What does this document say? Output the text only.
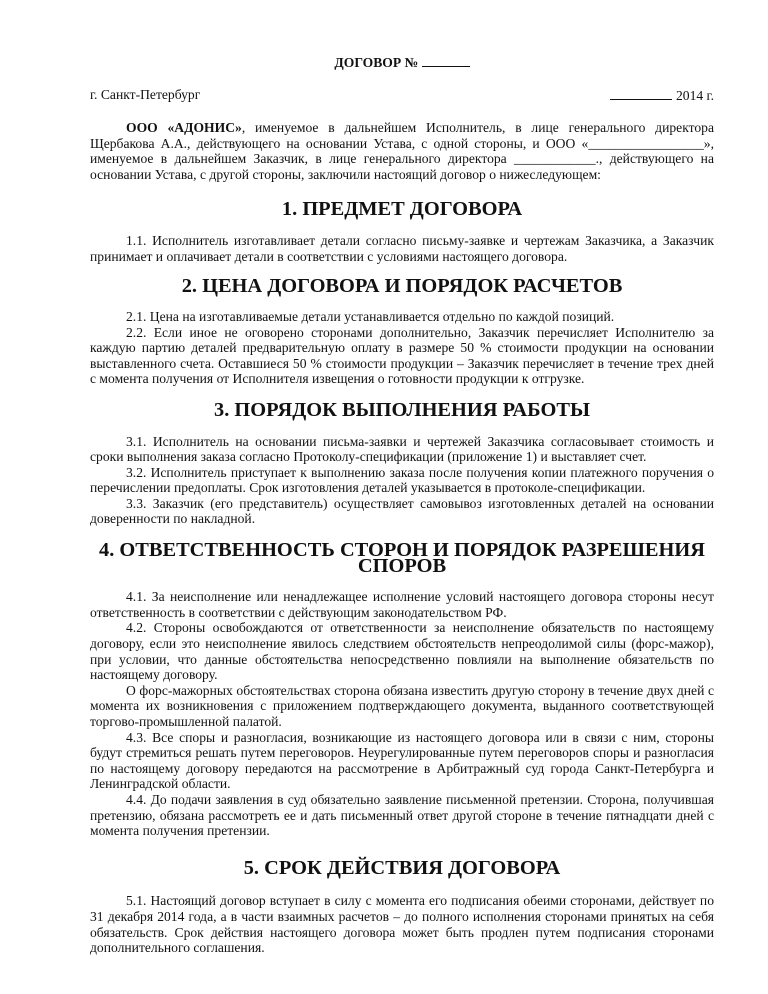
ДОГОВОР №
г. Санкт-Петербург	2014 г.

ООО «АДОНИС», именуемое в дальнейшем Исполнитель, в лице генерального директора Щербакова А.А., действующего на основании Устава, с одной стороны, и ООО «_________________», именуемое в дальнейшем Заказчик, в лице генерального директора ____________., действующего на основании Устава, с другой стороны, заключили настоящий договор о нижеследующем:

1. ПРЕДМЕТ ДОГОВОРА

1.1. Исполнитель изготавливает детали согласно письму-заявке и чертежам Заказчика, а Заказчик принимает и оплачивает детали в соответствии с условиями настоящего договора.

2. ЦЕНА ДОГОВОРА И ПОРЯДОК РАСЧЕТОВ

2.1. Цена на изготавливаемые детали устанавливается отдельно по каждой позиций.

2.2. Если иное не оговорено сторонами дополнительно, Заказчик перечисляет Исполнителю за каждую партию деталей предварительную оплату в размере 50 % стоимости продукции на основании выставленного счета. Оставшиеся 50 % стоимости продукции – Заказчик перечисляет в течение трех дней с момента получения от Исполнителя извещения о готовности продукции к отгрузке.

3. ПОРЯДОК ВЫПОЛНЕНИЯ РАБОТЫ

3.1. Исполнитель на основании письма-заявки и чертежей Заказчика согласовывает стоимость и сроки выполнения заказа согласно Протоколу-спецификации (приложение 1) и выставляет счет.

3.2. Исполнитель приступает к выполнению заказа после получения копии платежного поручения о перечислении предоплаты. Срок изготовления деталей указывается в протоколе-спецификации.

3.3. Заказчик (его представитель) осуществляет самовывоз изготовленных деталей на основании доверенности по накладной.

4. ОТВЕТСТВЕННОСТЬ СТОРОН И ПОРЯДОК РАЗРЕШЕНИЯ СПОРОВ

4.1. За неисполнение или ненадлежащее исполнение условий настоящего договора стороны несут ответственность в соответствии с действующим законодательством РФ.

4.2. Стороны освобождаются от ответственности за неисполнение обязательств по настоящему договору, если это неисполнение явилось следствием обстоятельств непреодолимой силы (форс-мажор), при условии, что данные обстоятельства непосредственно повлияли на выполнение обязательств по настоящему договору.

О форс-мажорных обстоятельствах сторона обязана известить другую сторону в течение двух дней с момента их возникновения с приложением подтверждающего документа, выданного соответствующей торгово-промышленной палатой.

4.3. Все споры и разногласия, возникающие из настоящего договора или в связи с ним, стороны будут стремиться решать путем переговоров. Неурегулированные путем переговоров споры и разногласия по настоящему договору передаются на рассмотрение в Арбитражный суд города Санкт-Петербурга и Ленинградской области.

4.4. До подачи заявления в суд обязательно заявление письменной претензии. Сторона, получившая претензию, обязана рассмотреть ее и дать письменный ответ другой стороне в течение пятнадцати дней с момента получения претензии.

5. СРОК ДЕЙСТВИЯ ДОГОВОРА

5.1. Настоящий договор вступает в силу с момента его подписания обеими сторонами, действует по 31 декабря 2014 года, а в части взаимных расчетов – до полного исполнения сторонами принятых на себя обязательств. Срок действия настоящего договора может быть продлен путем подписания сторонами дополнительного соглашения.
